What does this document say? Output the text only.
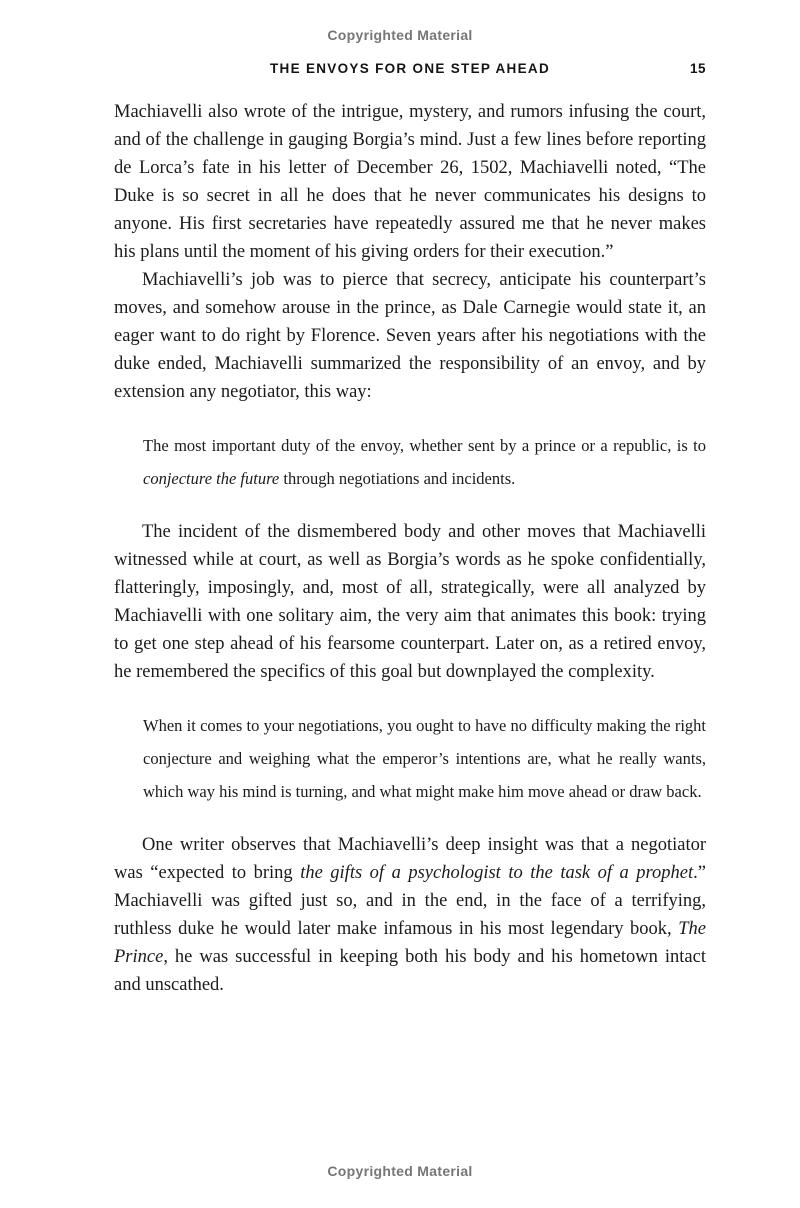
Copyrighted Material
THE ENVOYS FOR ONE STEP AHEAD	15

Machiavelli also wrote of the intrigue, mystery, and rumors infusing the court, and of the challenge in gauging Borgia’s mind. Just a few lines before reporting de Lorca’s fate in his letter of December 26, 1502, Machiavelli noted, “The Duke is so secret in all he does that he never communicates his designs to anyone. His first secretaries have repeatedly assured me that he never makes his plans until the moment of his giving orders for their execution.”

Machiavelli’s job was to pierce that secrecy, anticipate his counterpart’s moves, and somehow arouse in the prince, as Dale Carnegie would state it, an eager want to do right by Florence. Seven years after his negotiations with the duke ended, Machiavelli summarized the responsibility of an envoy, and by extension any negotiator, this way:

The most important duty of the envoy, whether sent by a prince or a republic, is to conjecture the future through negotiations and incidents.

The incident of the dismembered body and other moves that Machiavelli witnessed while at court, as well as Borgia’s words as he spoke confidentially, flatteringly, imposingly, and, most of all, strategically, were all analyzed by Machiavelli with one solitary aim, the very aim that animates this book: trying to get one step ahead of his fearsome counterpart. Later on, as a retired envoy, he remembered the specifics of this goal but downplayed the complexity.

When it comes to your negotiations, you ought to have no difficulty making the right conjecture and weighing what the emperor’s intentions are, what he really wants, which way his mind is turning, and what might make him move ahead or draw back.

One writer observes that Machiavelli’s deep insight was that a negotiator was “expected to bring the gifts of a psychologist to the task of a prophet.” Machiavelli was gifted just so, and in the end, in the face of a terrifying, ruthless duke he would later make infamous in his most legendary book, The Prince, he was successful in keeping both his body and his hometown intact and unscathed.

Copyrighted Material
